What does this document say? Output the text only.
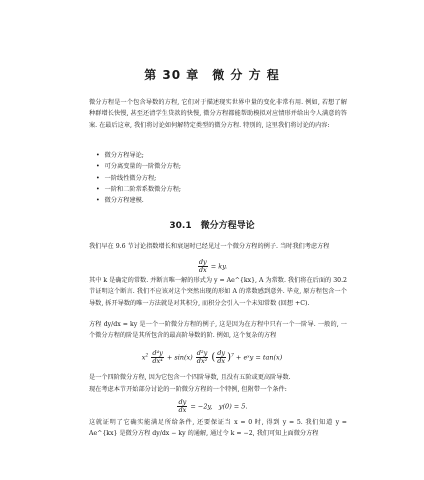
第 30 章　微 分 方 程

微分方程是一个包含导数的方程, 它们对于描述现实世界中量的变化非常有用. 例如, 若想了解种群增长快慢, 甚至还清学生贷款的快慢, 微分方程都能帮助模拟对应情形并给出令人满意的答案. 在最后这章, 我们将讨论如何解特定类型的微分方程. 特别的, 这里我们将讨论的内容:

• 微分方程导论;
• 可分离变量的一阶微分方程;
• 一阶线性微分方程;
• 一阶和二阶常系数微分方程;
• 微分方程建模.
30.1　微分方程导论

我们早在 9.6 节讨论指数增长和衰退时已经见过一个微分方程的例子. 当时我们考虑方程

$\frac{dy}{dx}$ = ky.

其中 k 是确定的常数. 并断言唯一解的形式为 y = Ae^{kx}, A 为常数. 我们将在后面的 30.2 节证明这个断言. 我们不应该对这个突然出现的形如 A 的常数感到意外. 毕竟, 原方程包含一个导数, 拆开导数的唯一方法就是对其积分, 而积分会引入一个未知常数 (回想 +C).

方程 dy/dx = ky 是一个一阶微分方程的例子, 这是因为在方程中只有一个一阶导. 一般的, 一个微分方程的阶是其所包含的最高阶导数的阶. 例如, 这个复杂的方程

$x^2 \frac{\text{d⁴y}}{\text{dx⁴}} + \sin(x) \frac{\text{d²y}}{\text{dx²}}$ ( $\frac{dy}{dx} )^7$ + eˣy = tan(x)

是一个四阶微分方程, 因为它包含一个四阶导数, 且没有五阶或更高阶导数.

现在考虑本节开始部分讨论的一阶微分方程的一个特例, 但附带一个条件:

$\frac{dy}{dx} = -2y$,　y(0) = 5.

这就证明了它确实能满足所给条件, 还要保证当 x = 0 时, 得到 y = 5. 我们知道 y = Ae^{kx} 是微分方程 dy/dx − ky 的通解, 通过令 k = −2, 我们可知上面微分方程
